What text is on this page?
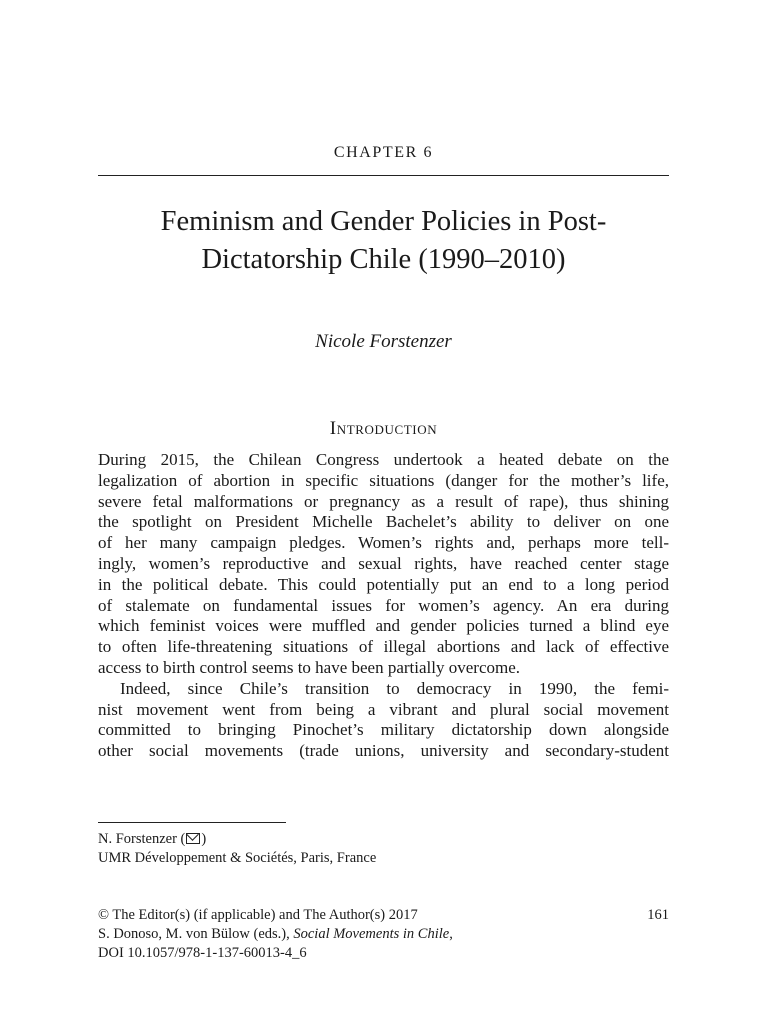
CHAPTER 6
Feminism and Gender Policies in Post-
Dictatorship Chile (1990–2010)
Nicole Forstenzer
Introduction
During 2015, the Chilean Congress undertook a heated debate on the
legalization of abortion in specific situations (danger for the mother’s life,
severe fetal malformations or pregnancy as a result of rape), thus shining
the spotlight on President Michelle Bachelet’s ability to deliver on one
of her many campaign pledges. Women’s rights and, perhaps more tell-
ingly, women’s reproductive and sexual rights, have reached center stage
in the political debate. This could potentially put an end to a long period
of stalemate on fundamental issues for women’s agency. An era during
which feminist voices were muffled and gender policies turned a blind eye
to often life-threatening situations of illegal abortions and lack of effective
access to birth control seems to have been partially overcome.
Indeed, since Chile’s transition to democracy in 1990, the femi-
nist movement went from being a vibrant and plural social movement
committed to bringing Pinochet’s military dictatorship down alongside
other social movements (trade unions, university and secondary-student
N. Forstenzer ( )
UMR Développement & Sociétés, Paris, France
© The Editor(s) (if applicable) and The Author(s) 2017
S. Donoso, M. von Bülow (eds.), Social Movements in Chile,
DOI 10.1057/978-1-137-60013-4_6
161
